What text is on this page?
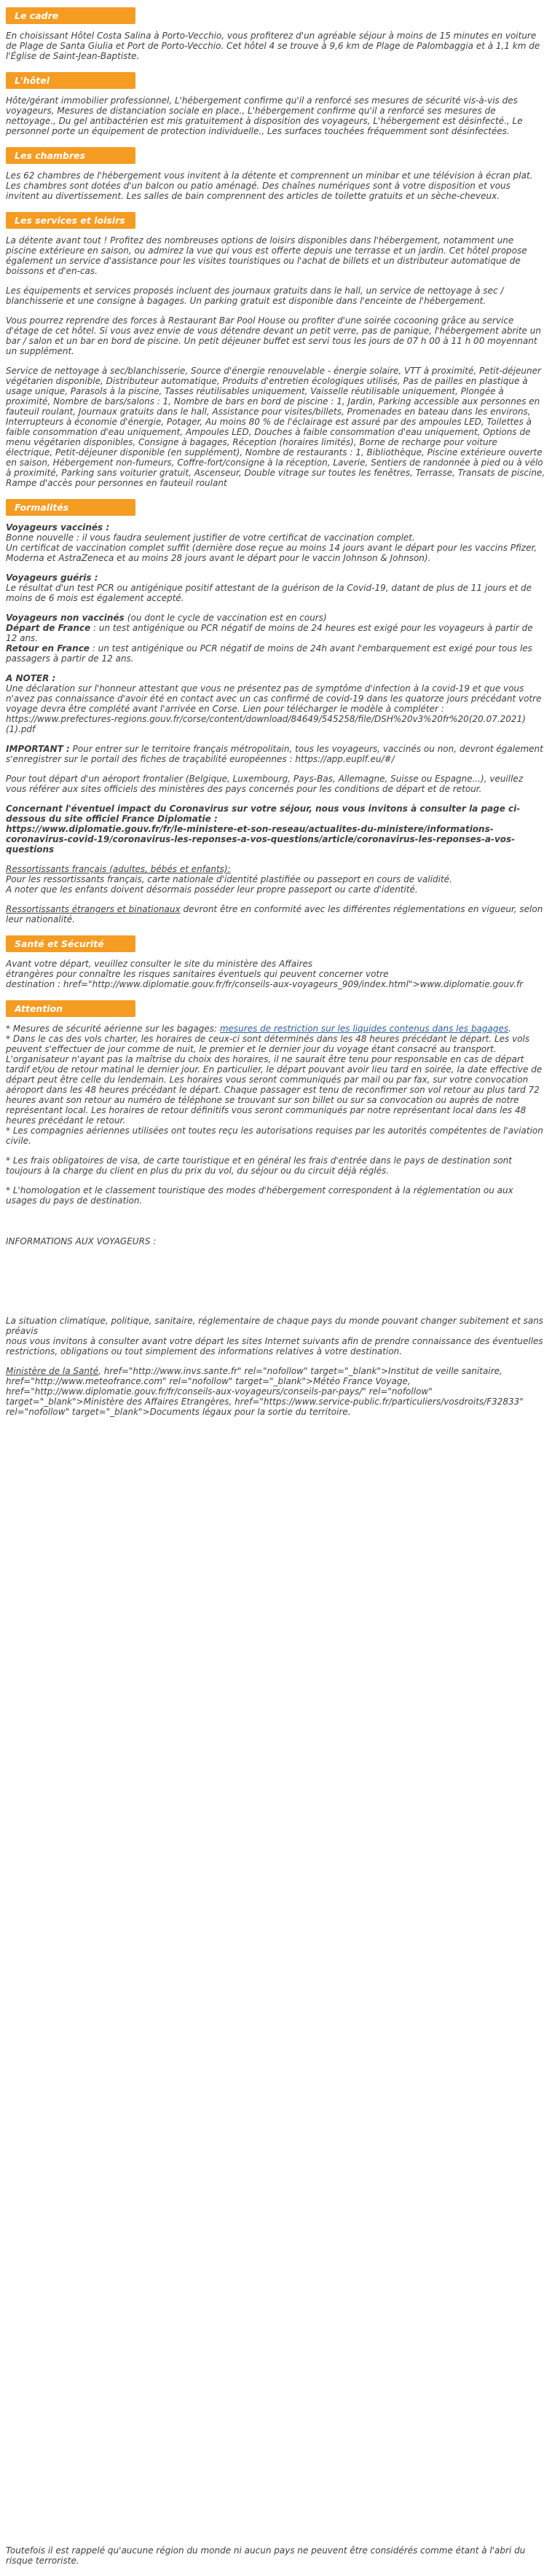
Le cadre

En choisissant Hôtel Costa Salina à Porto-Vecchio, vous profiterez d'un agréable séjour à moins de 15 minutes en voiture de Plage de Santa Giulia et Port de Porto-Vecchio. Cet hôtel 4 se trouve à 9,6 km de Plage de Palombaggia et à 1,1 km de l'Église de Saint-Jean-Baptiste.

L'hôtel

Hôte/gérant immobilier professionnel, L'hébergement confirme qu'il a renforcé ses mesures de sécurité vis-à-vis des voyageurs, Mesures de distanciation sociale en place., L'hébergement confirme qu'il a renforcé ses mesures de nettoyage., Du gel antibactérien est mis gratuitement à disposition des voyageurs, L'hébergement est désinfecté., Le personnel porte un équipement de protection individuelle., Les surfaces touchées fréquemment sont désinfectées.

Les chambres

Les 62 chambres de l'hébergement vous invitent à la détente et comprennent un minibar et une télévision à écran plat. Les chambres sont dotées d'un balcon ou patio aménagé. Des chaînes numériques sont à votre disposition et vous invitent au divertissement. Les salles de bain comprennent des articles de toilette gratuits et un sèche-cheveux.

Les services et loisirs

La détente avant tout ! Profitez des nombreuses options de loisirs disponibles dans l'hébergement, notamment une piscine extérieure en saison, ou admirez la vue qui vous est offerte depuis une terrasse et un jardin. Cet hôtel propose également un service d'assistance pour les visites touristiques ou l'achat de billets et un distributeur automatique de boissons et d'en-cas.

Les équipements et services proposés incluent des journaux gratuits dans le hall, un service de nettoyage à sec / blanchisserie et une consigne à bagages. Un parking gratuit est disponible dans l'enceinte de l'hébergement.

Vous pourrez reprendre des forces à Restaurant Bar Pool House ou profiter d'une soirée cocooning grâce au service d'étage de cet hôtel. Si vous avez envie de vous détendre devant un petit verre, pas de panique, l'hébergement abrite un bar / salon et un bar en bord de piscine. Un petit déjeuner buffet est servi tous les jours de 07 h 00 à 11 h 00 moyennant un supplément.

Service de nettoyage à sec/blanchisserie, Source d'énergie renouvelable - énergie solaire, VTT à proximité, Petit-déjeuner végétarien disponible, Distributeur automatique, Produits d'entretien écologiques utilisés, Pas de pailles en plastique à usage unique, Parasols à la piscine, Tasses réutilisables uniquement, Vaisselle réutilisable uniquement, Plongée à proximité, Nombre de bars/salons : 1, Nombre de bars en bord de piscine : 1, Jardin, Parking accessible aux personnes en fauteuil roulant, Journaux gratuits dans le hall, Assistance pour visites/billets, Promenades en bateau dans les environs, Interrupteurs à économie d'énergie, Potager, Au moins 80 % de l'éclairage est assuré par des ampoules LED, Toilettes à faible consommation d'eau uniquement, Ampoules LED, Douches à faible consommation d'eau uniquement, Options de menu végétarien disponibles, Consigne à bagages, Réception (horaires limités), Borne de recharge pour voiture électrique, Petit-déjeuner disponible (en supplément), Nombre de restaurants : 1, Bibliothèque, Piscine extérieure ouverte en saison, Hébergement non-fumeurs, Coffre-fort/consigne à la réception, Laverie, Sentiers de randonnée à pied ou à vélo à proximité, Parking sans voiturier gratuit, Ascenseur, Double vitrage sur toutes les fenêtres, Terrasse, Transats de piscine, Rampe d'accès pour personnes en fauteuil roulant

Formalités

Voyageurs vaccinés :

Bonne nouvelle : il vous faudra seulement justifier de votre certificat de vaccination complet.

Un certificat de vaccination complet suffit (dernière dose reçue au moins 14 jours avant le départ pour les vaccins Pfizer, Moderna et AstraZeneca et au moins 28 jours avant le départ pour le vaccin Johnson & Johnson).

Voyageurs guéris :

Le résultat d'un test PCR ou antigénique positif attestant de la guérison de la Covid-19, datant de plus de 11 jours et de moins de 6 mois est également accepté.

Voyageurs non vaccinés (ou dont le cycle de vaccination est en cours)

Départ de France : un test antigénique ou PCR négatif de moins de 24 heures est exigé pour les voyageurs à partir de 12 ans.

Retour en France : un test antigénique ou PCR négatif de moins de 24h avant l'embarquement est exigé pour tous les passagers à partir de 12 ans.

A NOTER :

Une déclaration sur l'honneur attestant que vous ne présentez pas de symptôme d'infection à la covid-19 et que vous n'avez pas connaissance d'avoir été en contact avec un cas confirmé de covid-19 dans les quatorze jours précédant votre voyage devra être complété avant l'arrivée en Corse. Lien pour télécharger le modèle à compléter :

https://www.prefectures-regions.gouv.fr/corse/content/download/84649/545258/file/DSH%20v3%20fr%20(20.07.2021)(1).pdf

IMPORTANT : Pour entrer sur le territoire français métropolitain, tous les voyageurs, vaccinés ou non, devront également s'enregistrer sur le portail des fiches de traçabilité européennes : https://app.euplf.eu/#/

Pour tout départ d'un aéroport frontalier (Belgique, Luxembourg, Pays-Bas, Allemagne, Suisse ou Espagne...), veuillez vous référer aux sites officiels des ministères des pays concernés pour les conditions de départ et de retour.

Concernant l'éventuel impact du Coronavirus sur votre séjour, nous vous invitons à consulter la page ci-dessous du site officiel France Diplomatie :

https://www.diplomatie.gouv.fr/fr/le-ministere-et-son-reseau/actualites-du-ministere/informations-coronavirus-covid-19/coronavirus-les-reponses-a-vos-questions/article/coronavirus-les-reponses-a-vos-questions

Ressortissants français (adultes, bébés et enfants):

Pour les ressortissants français, carte nationale d'identité plastifiée ou passeport en cours de validité.

A noter que les enfants doivent désormais posséder leur propre passeport ou carte d'identité.

Ressortissants étrangers et binationaux devront être en conformité avec les différentes réglementations en vigueur, selon leur nationalité.

Santé et Sécurité

Avant votre départ, veuillez consulter le site du ministère des Affaires
étrangères pour connaître les risques sanitaires éventuels qui peuvent concerner votre
destination : href="http://www.diplomatie.gouv.fr/fr/conseils-aux-voyageurs_909/index.html">www.diplomatie.gouv.fr

Attention

* Mesures de sécurité aérienne sur les bagages: mesures de restriction sur les liquides contenus dans les bagages.

* Dans le cas des vols charter, les horaires de ceux-ci sont déterminés dans les 48 heures précédant le départ. Les vols peuvent s'effectuer de jour comme de nuit, le premier et le dernier jour du voyage étant consacré au transport. L'organisateur n'ayant pas la maîtrise du choix des horaires, il ne saurait être tenu pour responsable en cas de départ tardif et/ou de retour matinal le dernier jour. En particulier, le départ pouvant avoir lieu tard en soirée, la date effective de départ peut être celle du lendemain. Les horaires vous seront communiqués par mail ou par fax, sur votre convocation aéroport dans les 48 heures précédant le départ. Chaque passager est tenu de reconfirmer son vol retour au plus tard 72 heures avant son retour au numéro de téléphone se trouvant sur son billet ou sur sa convocation ou auprès de notre représentant local. Les horaires de retour définitifs vous seront communiqués par notre représentant local dans les 48 heures précédant le retour.

* Les compagnies aériennes utilisées ont toutes reçu les autorisations requises par les autorités compétentes de l'aviation civile.

* Les frais obligatoires de visa, de carte touristique et en général les frais d'entrée dans le pays de destination sont toujours à la charge du client en plus du prix du vol, du séjour ou du circuit déjà réglés.

* L'homologation et le classement touristique des modes d'hébergement correspondent à la réglementation ou aux usages du pays de destination.

INFORMATIONS AUX VOYAGEURS :

La situation climatique, politique, sanitaire, réglementaire de chaque pays du monde pouvant changer subitement et sans préavis

nous vous invitons à consulter avant votre départ les sites Internet suivants afin de prendre connaissance des éventuelles restrictions, obligations ou tout simplement des informations relatives à votre destination.

Ministère de la Santé, href="http://www.invs.sante.fr" rel="nofollow" target="_blank">Institut de veille sanitaire, href="http://www.meteofrance.com" rel="nofollow" target="_blank">Météo France Voyage, href="http://www.diplomatie.gouv.fr/fr/conseils-aux-voyageurs/conseils-par-pays/" rel="nofollow" target="_blank">Ministère des Affaires Etrangères, href="https://www.service-public.fr/particuliers/vosdroits/F32833" rel="nofollow" target="_blank">Documents légaux pour la sortie du territoire.

Toutefois il est rappelé qu'aucune région du monde ni aucun pays ne peuvent être considérés comme étant à l'abri du risque terroriste.
